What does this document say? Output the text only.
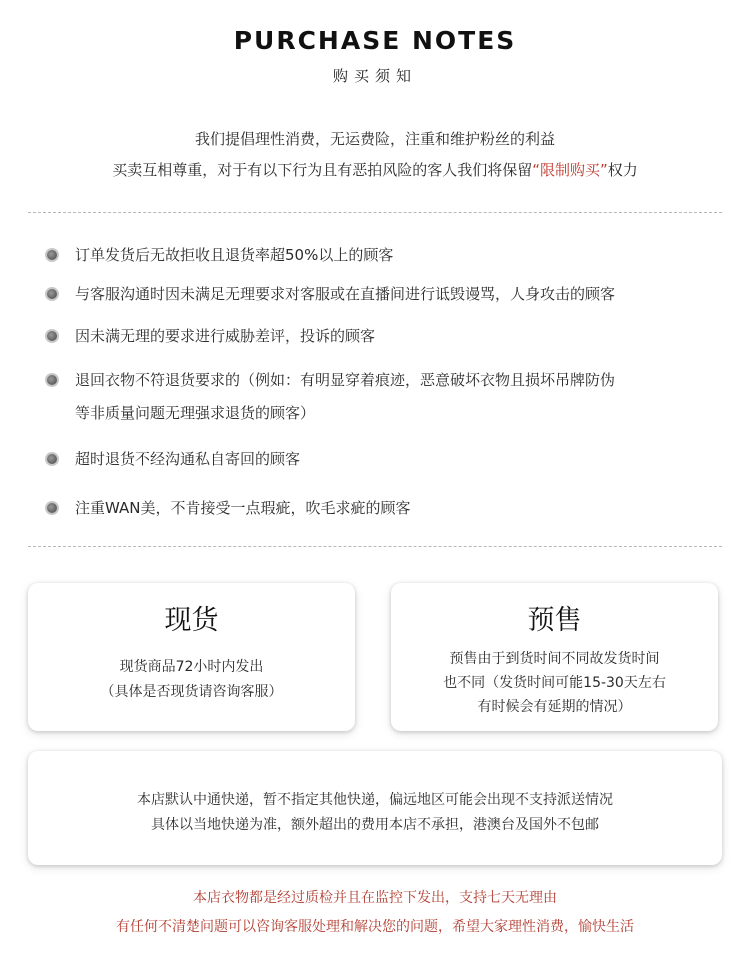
PURCHASE NOTES
购买须知
我们提倡理性消费，无运费险，注重和维护粉丝的利益
买卖互相尊重，对于有以下行为且有恶拍风险的客人我们将保留“限制购买”权力
订单发货后无故拒收且退货率超50%以上的顾客
与客服沟通时因未满足无理要求对客服或在直播间进行诋毁谩骂，人身攻击的顾客
因未满无理的要求进行威胁差评，投诉的顾客
退回衣物不符退货要求的（例如：有明显穿着痕迹，恶意破坏衣物且损坏吊牌防伪
等非质量问题无理强求退货的顾客）
超时退货不经沟通私自寄回的顾客
注重WAN美，不肯接受一点瑕疵，吹毛求疵的顾客
现货
现货商品72小时内发出
（具体是否现货请咨询客服）
预售
预售由于到货时间不同故发货时间
也不同（发货时间可能15-30天左右
有时候会有延期的情况）
本店默认中通快递，暂不指定其他快递，偏远地区可能会出现不支持派送情况
具体以当地快递为准，额外超出的费用本店不承担，港澳台及国外不包邮
本店衣物都是经过质检并且在监控下发出，支持七天无理由
有任何不清楚问题可以咨询客服处理和解决您的问题，希望大家理性消费，愉快生活
